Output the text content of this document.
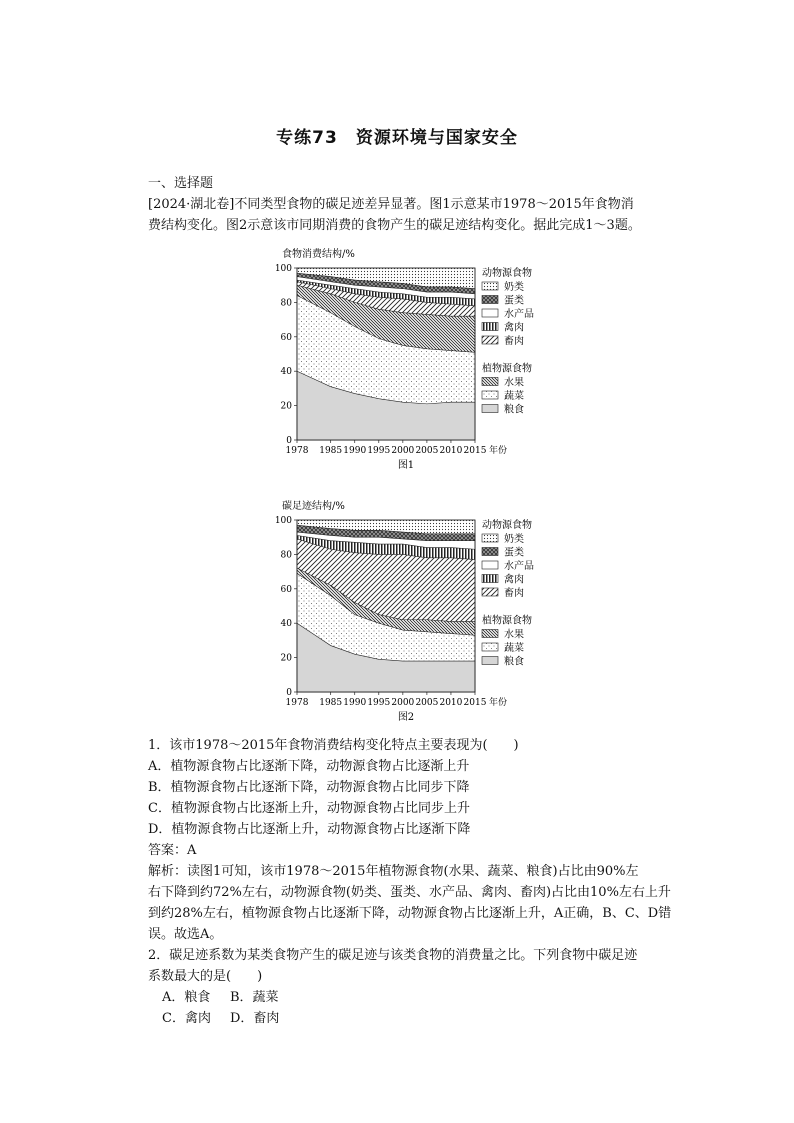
专练73　资源环境与国家安全
一、选择题
[2024·湖北卷]不同类型食物的碳足迹差异显著。图1示意某市1978～2015年食物消
费结构变化。图2示意该市同期消费的食物产生的碳足迹结构变化。据此完成1～3题。
食物消费结构/%
0
20
40
60
80
100
1978 1985 1990 1995 2000 2005 2010 2015 年份
图1
动物源食物
奶类
蛋类
水产品
禽肉
畜肉
植物源食物
水果
蔬菜
粮食
碳足迹结构/%
0
20
40
60
80
100
1978 1985 1990 1995 2000 2005 2010 2015 年份
图2
动物源食物
奶类
蛋类
水产品
禽肉
畜肉
植物源食物
水果
蔬菜
粮食
1．该市1978～2015年食物消费结构变化特点主要表现为(　　)
A．植物源食物占比逐渐下降，动物源食物占比逐渐上升
B．植物源食物占比逐渐下降，动物源食物占比同步下降
C．植物源食物占比逐渐上升，动物源食物占比同步上升
D．植物源食物占比逐渐上升，动物源食物占比逐渐下降
答案：A
解析：读图1可知，该市1978～2015年植物源食物(水果、蔬菜、粮食)占比由90%左
右下降到约72%左右，动物源食物(奶类、蛋类、水产品、禽肉、畜肉)占比由10%左右上升
到约28%左右，植物源食物占比逐渐下降，动物源食物占比逐渐上升，A正确，B、C、D错
误。故选A。
2．碳足迹系数为某类食物产生的碳足迹与该类食物的消费量之比。下列食物中碳足迹
系数最大的是(　　)
A．粮食 B．蔬菜
C．禽肉 D．畜肉
